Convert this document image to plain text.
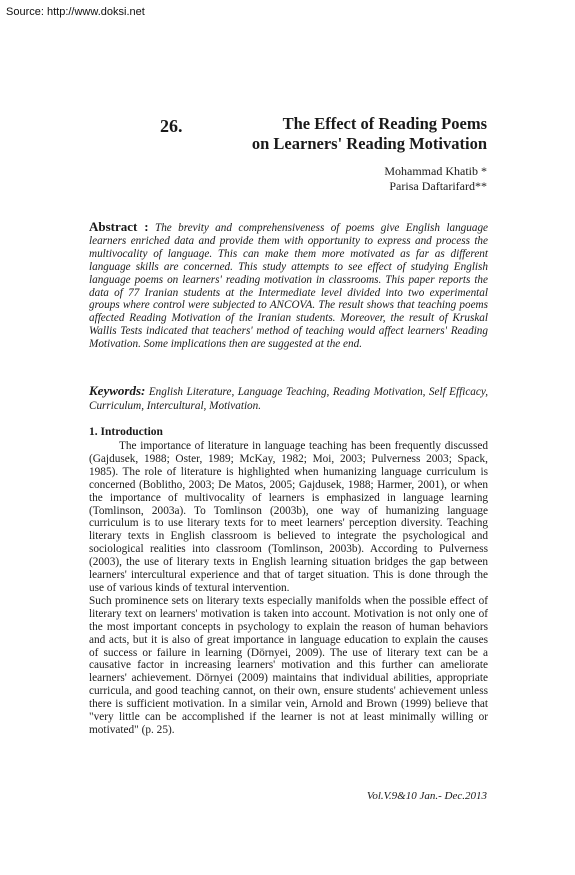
Source: http://www.doksi.net
26.	The Effect of Reading Poems
on Learners' Reading Motivation
Mohammad Khatib *
Parisa Daftarifard**
Abstract : The brevity and comprehensiveness of poems give English language learners enriched data and provide them with opportunity to express and process the multivocality of language. This can make them more motivated as far as different language skills are concerned. This study attempts to see effect of studying English language poems on learners' reading motivation in classrooms. This paper reports the data of 77 Iranian students at the Intermediate level divided into two experimental groups where control were subjected to ANCOVA. The result shows that teaching poems affected Reading Motivation of the Iranian students. Moreover, the result of Kruskal Wallis Tests indicated that teachers' method of teaching would affect learners' Reading Motivation. Some implications then are suggested at the end.
Keywords: English Literature, Language Teaching, Reading Motivation, Self Efficacy, Curriculum, Intercultural, Motivation.
1. Introduction

The importance of literature in language teaching has been frequently discussed (Gajdusek, 1988; Oster, 1989; McKay, 1982; Moi, 2003; Pulverness 2003; Spack, 1985). The role of literature is highlighted when humanizing language curriculum is concerned (Boblitho, 2003; De Matos, 2005; Gajdusek, 1988; Harmer, 2001), or when the importance of multivocality of learners is emphasized in language learning (Tomlinson, 2003a). To Tomlinson (2003b), one way of humanizing language curriculum is to use literary texts for to meet learners' perception diversity. Teaching literary texts in English classroom is believed to integrate the psychological and sociological realities into classroom (Tomlinson, 2003b). According to Pulverness (2003), the use of literary texts in English learning situation bridges the gap between learners' intercultural experience and that of target situation. This is done through the use of various kinds of textural intervention.

Such prominence sets on literary texts especially manifolds when the possible effect of literary text on learners' motivation is taken into account. Motivation is not only one of the most important concepts in psychology to explain the reason of human behaviors and acts, but it is also of great importance in language education to explain the causes of success or failure in learning (Dörnyei, 2009). The use of literary text can be a causative factor in increasing learners' motivation and this further can ameliorate learners' achievement. Dörnyei (2009) maintains that individual abilities, appropriate curricula, and good teaching cannot, on their own, ensure students' achievement unless there is sufficient motivation. In a similar vein, Arnold and Brown (1999) believe that "very little can be accomplished if the learner is not at least minimally willing or motivated" (p. 25).

Vol.V.9&10 Jan.- Dec.2013
